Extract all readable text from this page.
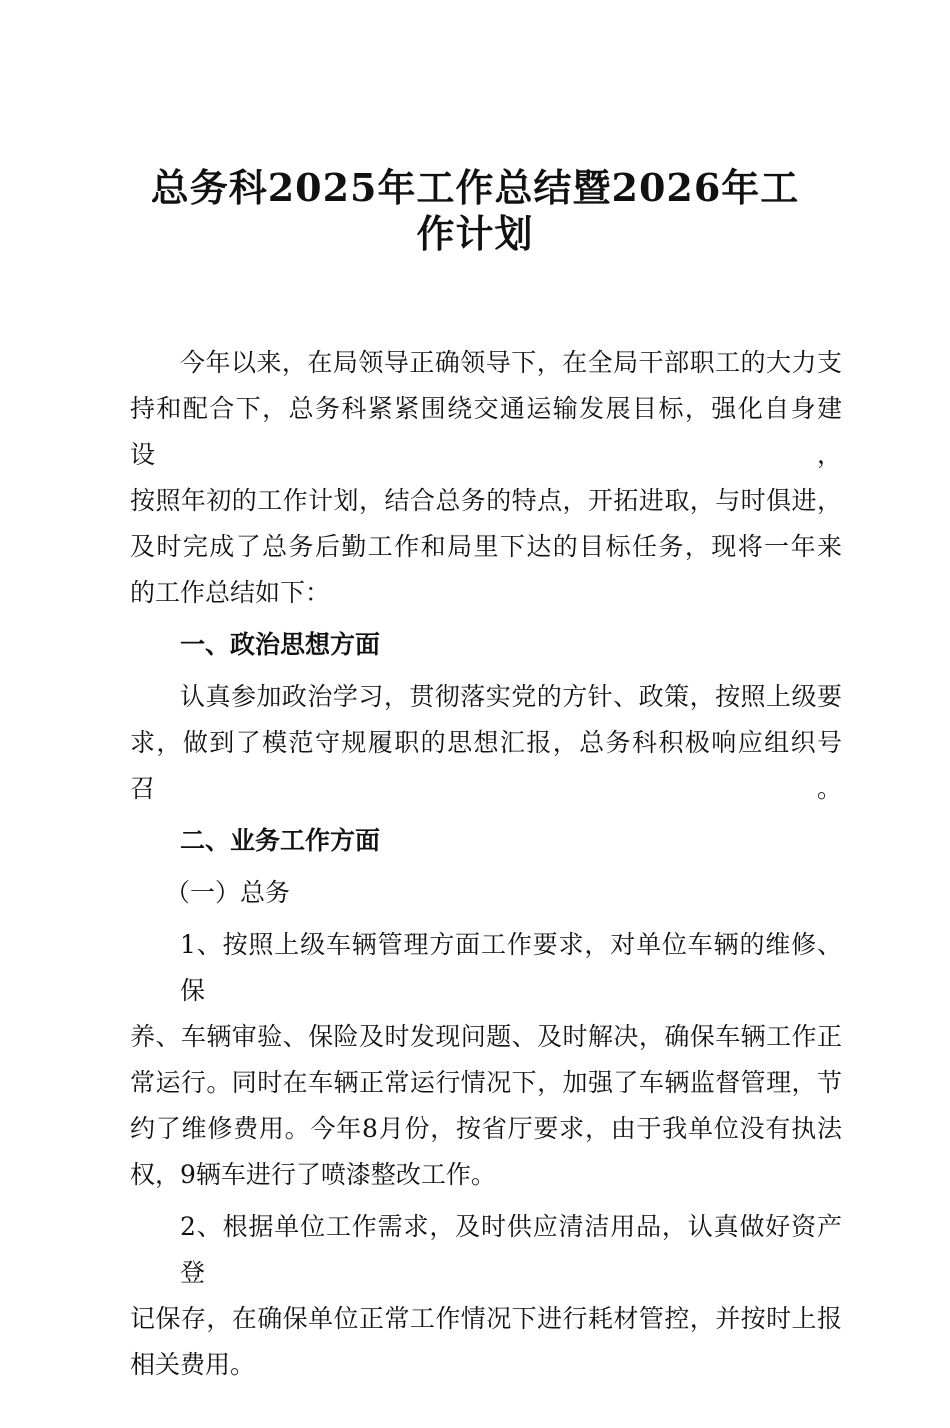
总务科2025年工作总结暨2026年工
作计划
今年以来，在局领导正确领导下，在全局干部职工的大力支
持和配合下，总务科紧紧围绕交通运输发展目标，强化自身建设，
按照年初的工作计划，结合总务的特点，开拓进取，与时俱进，
及时完成了总务后勤工作和局里下达的目标任务，现将一年来
的工作总结如下：
一、政治思想方面
认真参加政治学习，贯彻落实党的方针、政策，按照上级要
求，做到了模范守规履职的思想汇报，总务科积极响应组织号召。
二、业务工作方面
（一）总务
1、按照上级车辆管理方面工作要求，对单位车辆的维修、保
养、车辆审验、保险及时发现问题、及时解决，确保车辆工作正
常运行。同时在车辆正常运行情况下，加强了车辆监督管理，节
约了维修费用。今年8月份，按省厅要求，由于我单位没有执法
权，9辆车进行了喷漆整改工作。
2、根据单位工作需求，及时供应清洁用品，认真做好资产登
记保存，在确保单位正常工作情况下进行耗材管控，并按时上报
相关费用。
